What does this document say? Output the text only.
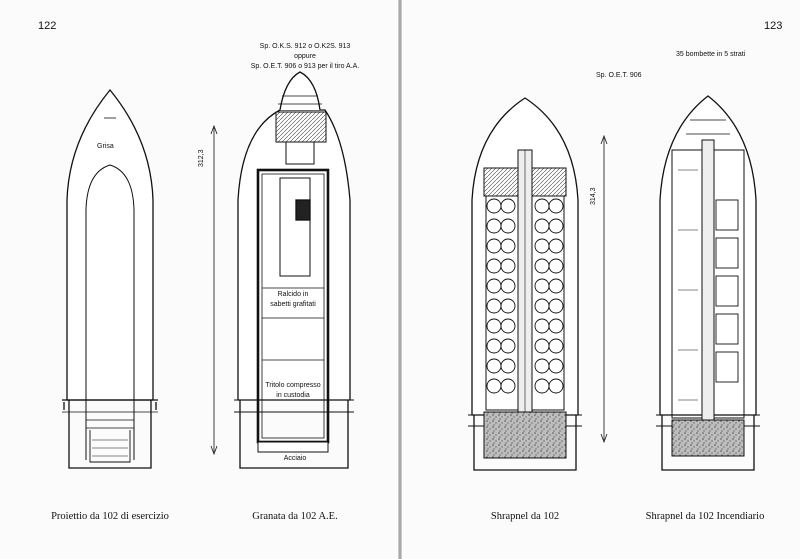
122	123
Grisa
Sp. O.K.S. 912 o O.K2S. 913
oppure
Sp. O.E.T. 906 o 913 per il tiro A.A.
312,3
Ralcido in
sabetti grafitati
Tritolo compresso
in custodia
Acciaio
Sp. O.E.T. 906
314,3
35 bombette in 5 strati
Proiettio da 102 di esercizio	Granata da 102 A.E.	Shrapnel da 102	Shrapnel da 102 Incendiario
